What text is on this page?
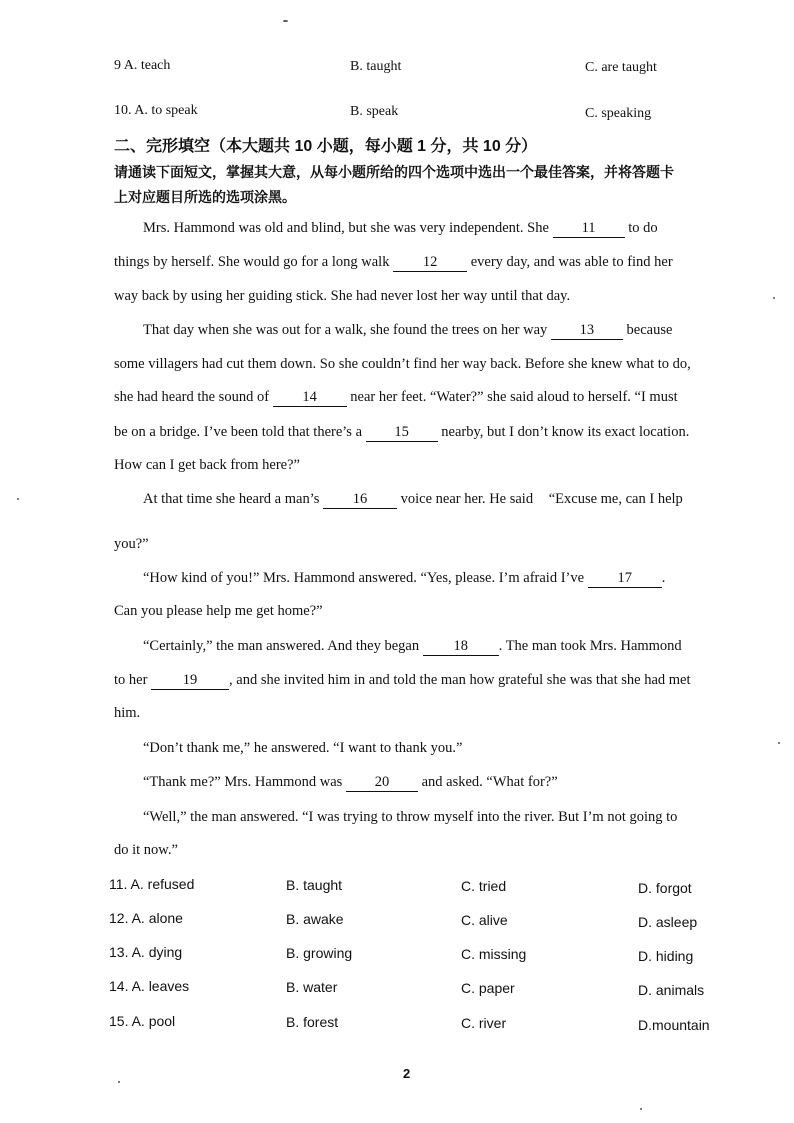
9 A. teach	B. taught	C. are taught
10. A. to speak	B. speak	C. speaking
二、完形填空（本大题共 10 小题，每小题 1 分，共 10 分）
请通读下面短文，掌握其大意，从每小题所给的四个选项中选出一个最佳答案，并将答题卡
上对应题目所选的选项涂黑。
Mrs. Hammond was old and blind, but she was very independent. She 11 to do
things by herself. She would go for a long walk 12 every day, and was able to find her
way back by using her guiding stick. She had never lost her way until that day.
That day when she was out for a walk, she found the trees on her way 13 because
some villagers had cut them down. So she couldn’t find her way back. Before she knew what to do,
she had heard the sound of 14 near her feet. “Water?” she said aloud to herself. “I must
be on a bridge. I’ve been told that there’s a 15 nearby, but I don’t know its exact location.
How can I get back from here?”
At that time she heard a man’s 16 voice near her. He said “Excuse me, can I help
you?”
“How kind of you!” Mrs. Hammond answered. “Yes, please. I’m afraid I’ve 17 .
Can you please help me get home?”
“Certainly,” the man answered. And they began 18 . The man took Mrs. Hammond
to her 19 , and she invited him in and told the man how grateful she was that she had met
him.
“Don’t thank me,” he answered. “I want to thank you.”
“Thank me?” Mrs. Hammond was 20 and asked. “What for?”
“Well,” the man answered. “I was trying to throw myself into the river. But I’m not going to
do it now.”
11. A. refused	B. taught	C. tried	D. forgot
12. A. alone	B. awake	C. alive	D. asleep
13. A. dying	B. growing	C. missing	D. hiding
14. A. leaves	B. water	C. paper	D. animals
15. A. pool	B. forest	C. river	D.mountain
2
